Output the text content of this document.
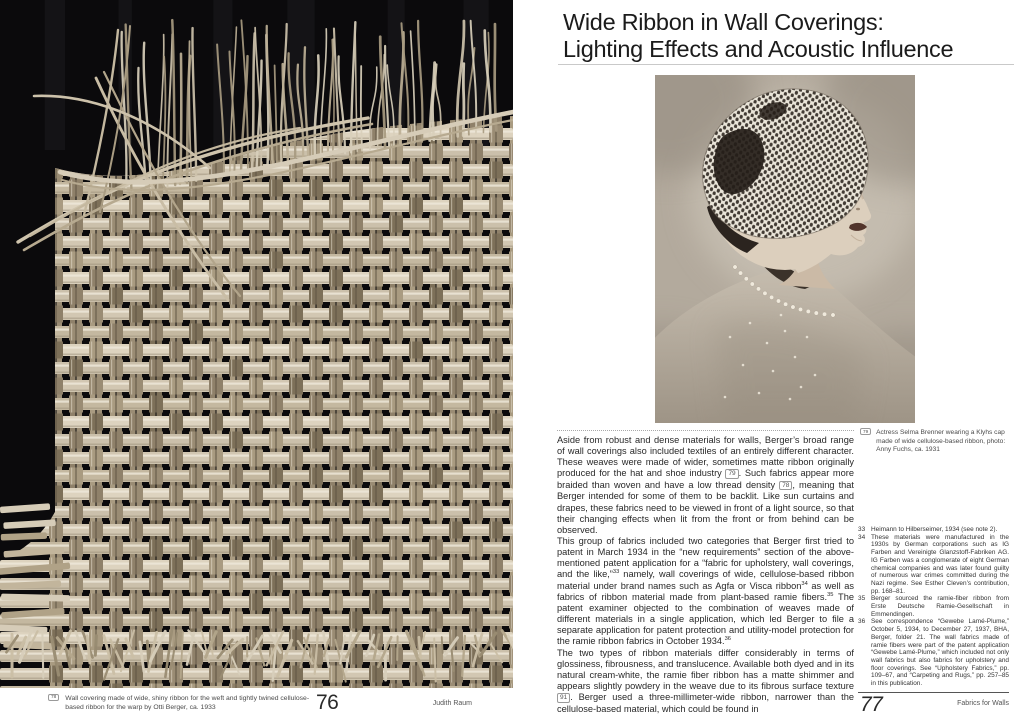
78	Wall covering made of wide, shiny ribbon for the weft and tightly twined cellulose-based ribbon for the warp by Otti Berger, ca. 1933	76	Judith Raum
Wide Ribbon in Wall Coverings:
Lighting Effects and Acoustic Influence
79	Actress Selma Brenner wearing a Klyhs cap made of wide cellulose-based ribbon, photo: Anny Fuchs, ca. 1931

Aside from robust and dense materials for walls, Berger’s broad range of wall coverings also included textiles of an entirely different character. These weaves were made of wider, sometimes matte ribbon originally produced for the hat and shoe industry 79 . Such fabrics appear more braided than woven and have a low thread density 78 , meaning that Berger intended for some of them to be backlit. Like sun curtains and drapes, these fabrics need to be viewed in front of a light source, so that their changing effects when lit from the front or from behind can be observed.

This group of fabrics included two categories that Berger first tried to patent in March 1934 in the “new requirements” section of the above-mentioned patent application for a “fabric for upholstery, wall coverings, and the like,”$^{33}$ namely, wall coverings of wide, cellulose-based ribbon material under brand names such as Agfa or Visca ribbon$^{34}$ as well as fabrics of ribbon material made from plant-based ramie fibers.$^{35}$ The patent examiner objected to the combination of weaves made of different materials in a single application, which led Berger to file a separate application for patent protection and utility-model protection for the ramie ribbon fabrics in October 1934.36

The two types of ribbon materials differ considerably in terms of glossiness, fibrousness, and translucence. Available both dyed and in its natural cream-white, the ramie fiber ribbon has a matte shimmer and appears slightly powdery in the weave due to its fibrous surface texture 91 . Berger used a three-millimeter-wide ribbon, narrower than the cellulose-based material, which could be found in

33 Heimann to Hilberseimer, 1934 (see note 2).
34 These materials were manufactured in the 1930s by German corporations such as IG Farben and Vereinigte Glanzstoff-Fabriken AG. IG Farben was a conglomerate of eight German chemical companies and was later found guilty of numerous war crimes committed during the Nazi regime. See Esther Cleven’s contribution, pp. 168–81.
35 Berger sourced the ramie-fiber ribbon from Erste Deutsche Ramie-Gesellschaft in Emmendingen.
36 See correspondence “Gewebe Lamé-Plume,” October 5, 1934, to December 27, 1937, BHA, Berger, folder 21. The wall fabrics made of ramie fibers were part of the patent application “Gewebe Lamé-Plume,” which included not only wall fabrics but also fabrics for upholstery and floor coverings. See “Upholstery Fabrics,” pp. 109–67, and “Carpeting and Rugs,” pp. 257–85 in this publication.
77	Fabrics for Walls
